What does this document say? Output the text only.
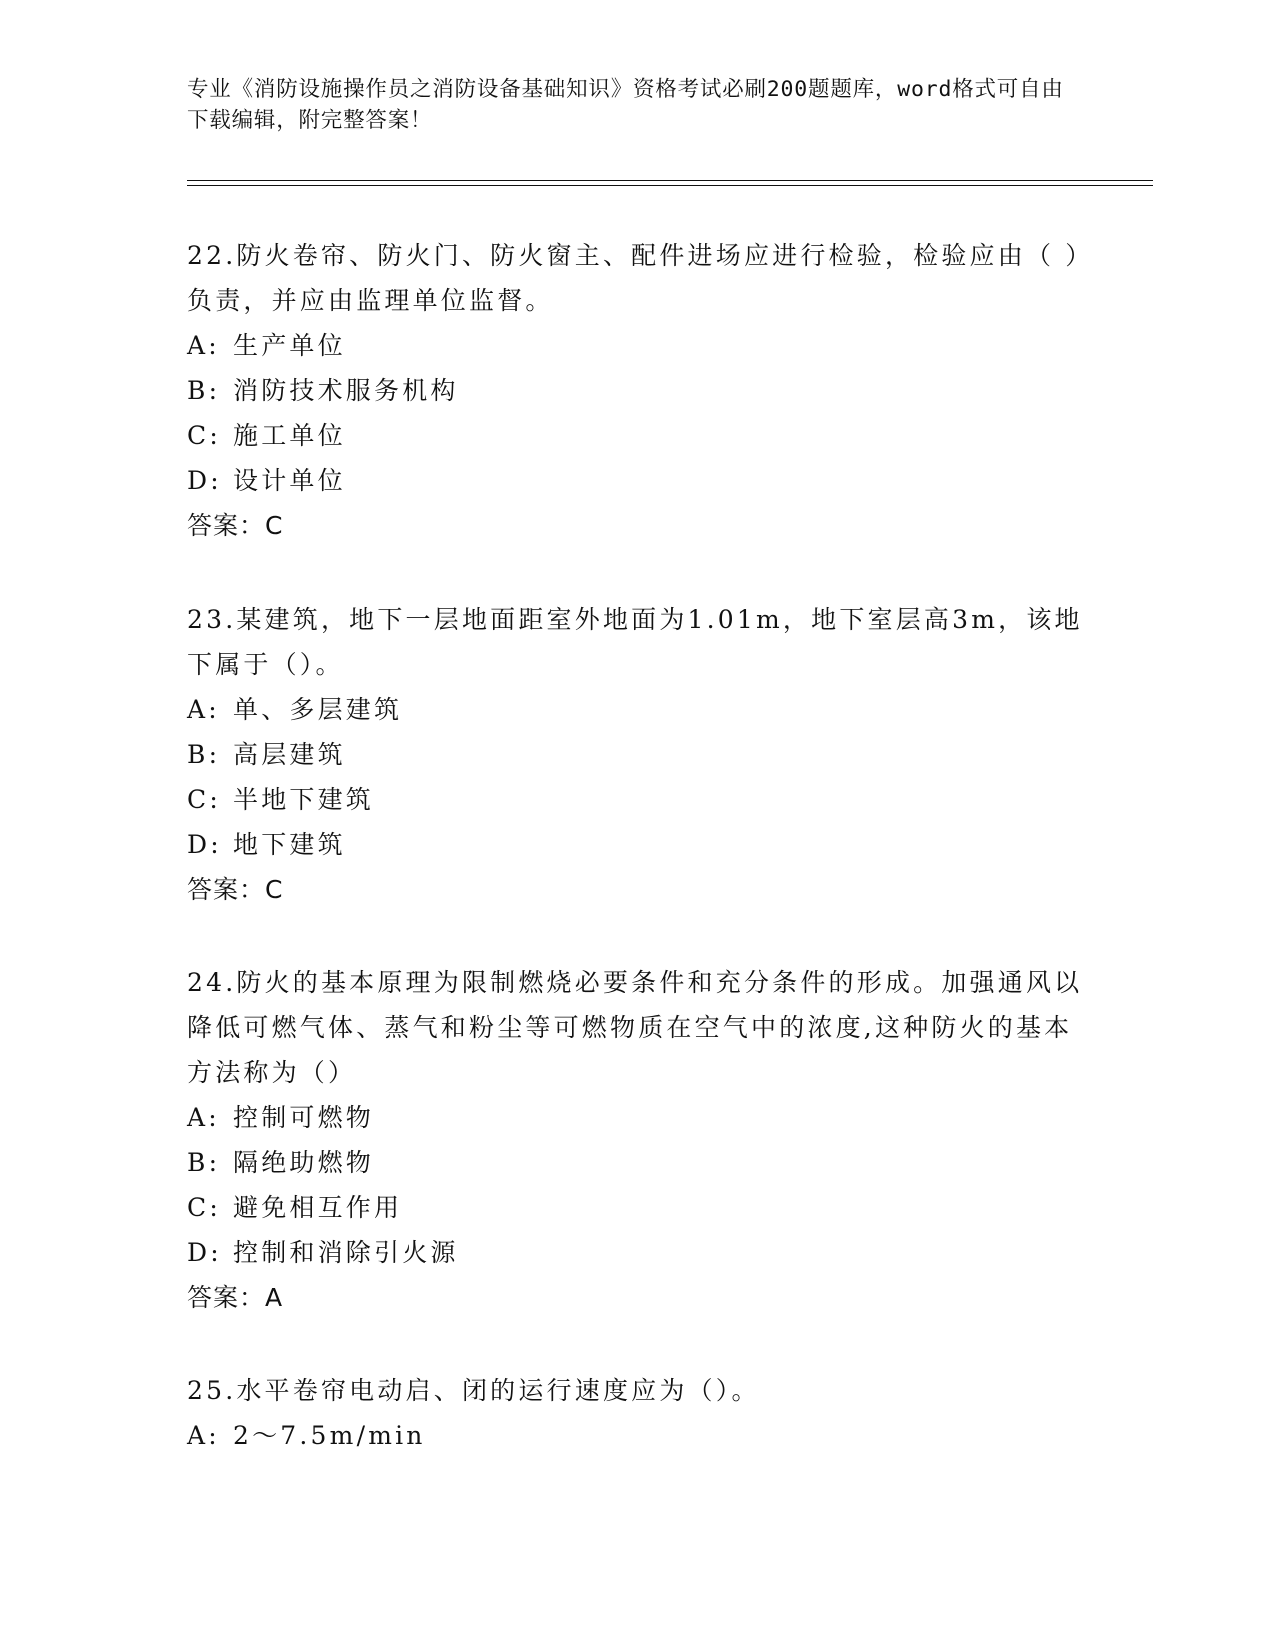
专业《消防设施操作员之消防设备基础知识》资格考试必刷200题题库，word格式可自由下载编辑，附完整答案！

22.防火卷帘、防火门、防火窗主、配件进场应进行检验，检验应由（ ）负责，并应由监理单位监督。

A: 生产单位

B: 消防技术服务机构

C: 施工单位

D: 设计单位

答案：C

23.某建筑，地下一层地面距室外地面为1.01m，地下室层高3m，该地下属于（）。

A: 单、多层建筑

B: 高层建筑

C: 半地下建筑

D: 地下建筑

答案：C

24.防火的基本原理为限制燃烧必要条件和充分条件的形成。加强通风以降低可燃气体、蒸气和粉尘等可燃物质在空气中的浓度,这种防火的基本方法称为（）

A: 控制可燃物

B: 隔绝助燃物

C: 避免相互作用

D: 控制和消除引火源

答案：A

25.水平卷帘电动启、闭的运行速度应为（）。

A: 2～7.5m/min
